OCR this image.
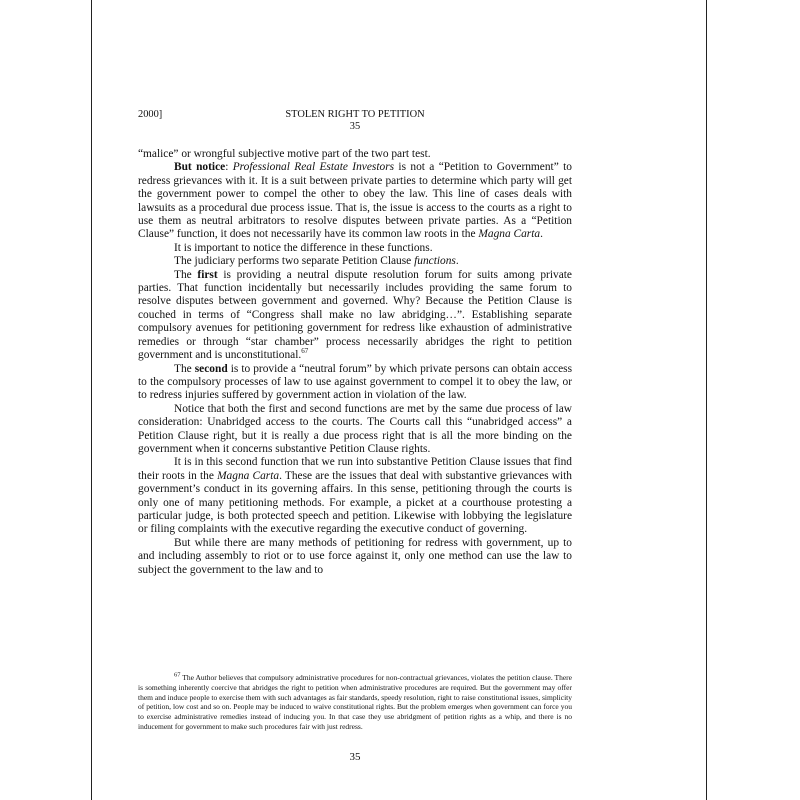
2000]	STOLEN RIGHT TO PETITION
35

“malice” or wrongful subjective motive part of the two part test.

But notice: Professional Real Estate Investors is not a “Petition to Government” to redress grievances with it. It is a suit between private parties to determine which party will get the government power to compel the other to obey the law. This line of cases deals with lawsuits as a procedural due process issue. That is, the issue is access to the courts as a right to use them as neutral arbitrators to resolve disputes between private parties. As a “Petition Clause” function, it does not necessarily have its common law roots in the Magna Carta.

It is important to notice the difference in these functions.

The judiciary performs two separate Petition Clause functions.

The first is providing a neutral dispute resolution forum for suits among private parties. That function incidentally but necessarily includes providing the same forum to resolve disputes between government and governed. Why? Because the Petition Clause is couched in terms of “Congress shall make no law abridging…”. Establishing separate compulsory avenues for petitioning government for redress like exhaustion of administrative remedies or through “star chamber” process necessarily abridges the right to petition government and is unconstitutional.$^{67}$

The second is to provide a “neutral forum” by which private persons can obtain access to the compulsory processes of law to use against government to compel it to obey the law, or to redress injuries suffered by government action in violation of the law.

Notice that both the first and second functions are met by the same due process of law consideration: Unabridged access to the courts. The Courts call this “unabridged access” a Petition Clause right, but it is really a due process right that is all the more binding on the government when it concerns substantive Petition Clause rights.

It is in this second function that we run into substantive Petition Clause issues that find their roots in the Magna Carta. These are the issues that deal with substantive grievances with government’s conduct in its governing affairs. In this sense, petitioning through the courts is only one of many petitioning methods. For example, a picket at a courthouse protesting a particular judge, is both protected speech and petition. Likewise with lobbying the legislature or filing complaints with the executive regarding the executive conduct of governing.

But while there are many methods of petitioning for redress with government, up to and including assembly to riot or to use force against it, only one method can use the law to subject the government to the law and to

67 The Author believes that compulsory administrative procedures for non-contractual grievances, violates the petition clause. There is something inherently coercive that abridges the right to petition when administrative procedures are required. But the government may offer them and induce people to exercise them with such advantages as fair standards, speedy resolution, right to raise constitutional issues, simplicity of petition, low cost and so on. People may be induced to waive constitutional rights. But the problem emerges when government can force you to exercise administrative remedies instead of inducing you. In that case they use abridgment of petition rights as a whip, and there is no inducement for government to make such procedures fair with just redress.
35
